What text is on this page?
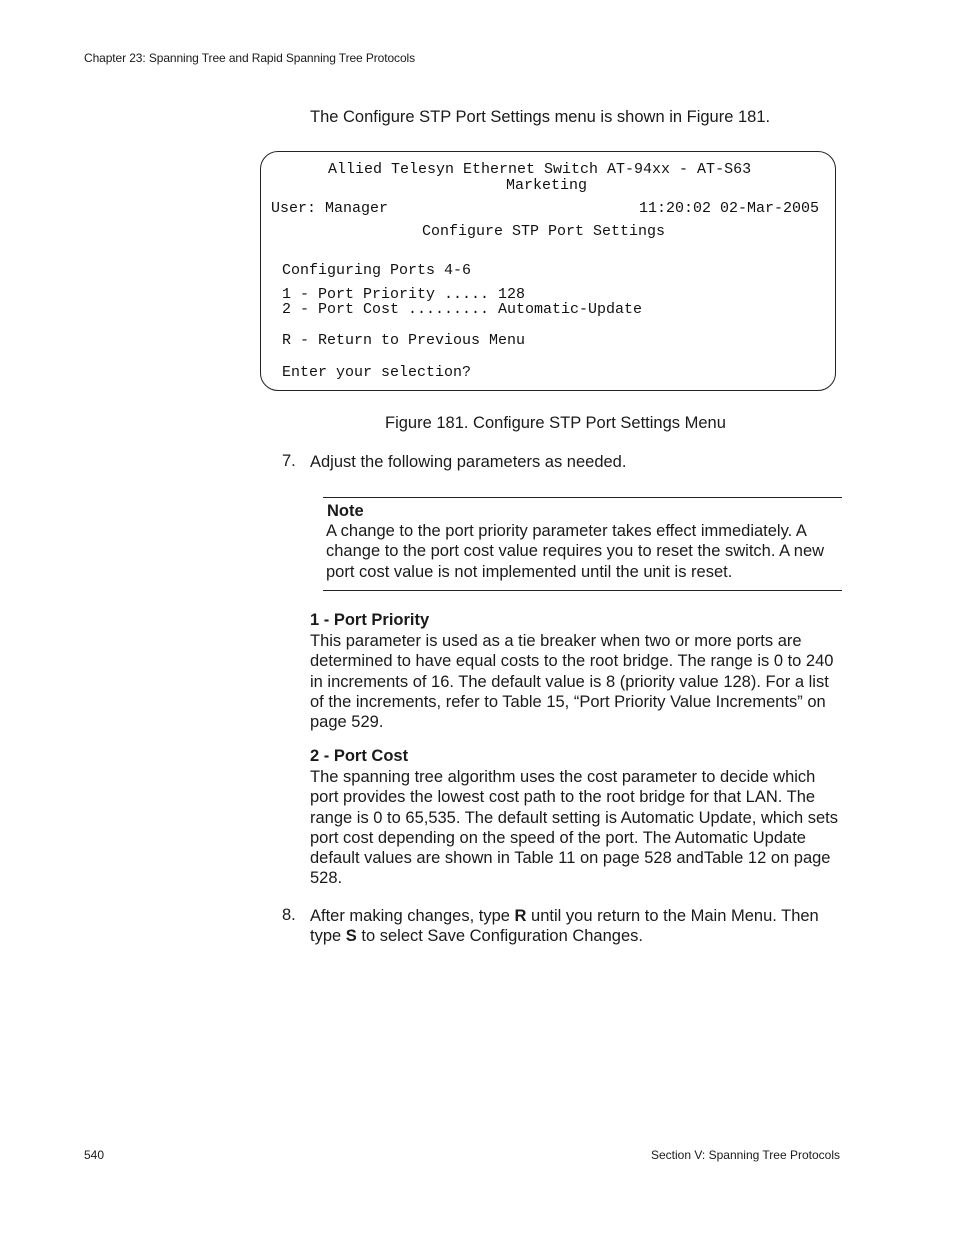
Chapter 23: Spanning Tree and Rapid Spanning Tree Protocols
The Configure STP Port Settings menu is shown in Figure 181.
Allied Telesyn Ethernet Switch AT-94xx - AT-S63
Marketing
User: Manager	11:20:02 02-Mar-2005
Configure STP Port Settings
Configuring Ports 4-6
1 - Port Priority ..... 128
2 - Port Cost ......... Automatic-Update
R - Return to Previous Menu
Enter your selection?
Figure 181. Configure STP Port Settings Menu
7. Adjust the following parameters as needed.
Note
A change to the port priority parameter takes effect immediately. A change to the port cost value requires you to reset the switch. A new port cost value is not implemented until the unit is reset.
1 - Port Priority
This parameter is used as a tie breaker when two or more ports are determined to have equal costs to the root bridge. The range is 0 to 240 in increments of 16. The default value is 8 (priority value 128). For a list of the increments, refer to Table 15, “Port Priority Value Increments” on page 529.
2 - Port Cost
The spanning tree algorithm uses the cost parameter to decide which port provides the lowest cost path to the root bridge for that LAN. The range is 0 to 65,535. The default setting is Automatic Update, which sets port cost depending on the speed of the port. The Automatic Update default values are shown in Table 11 on page 528 andTable 12 on page 528.
8. After making changes, type R until you return to the Main Menu. Then type S to select Save Configuration Changes.
540	Section V: Spanning Tree Protocols
